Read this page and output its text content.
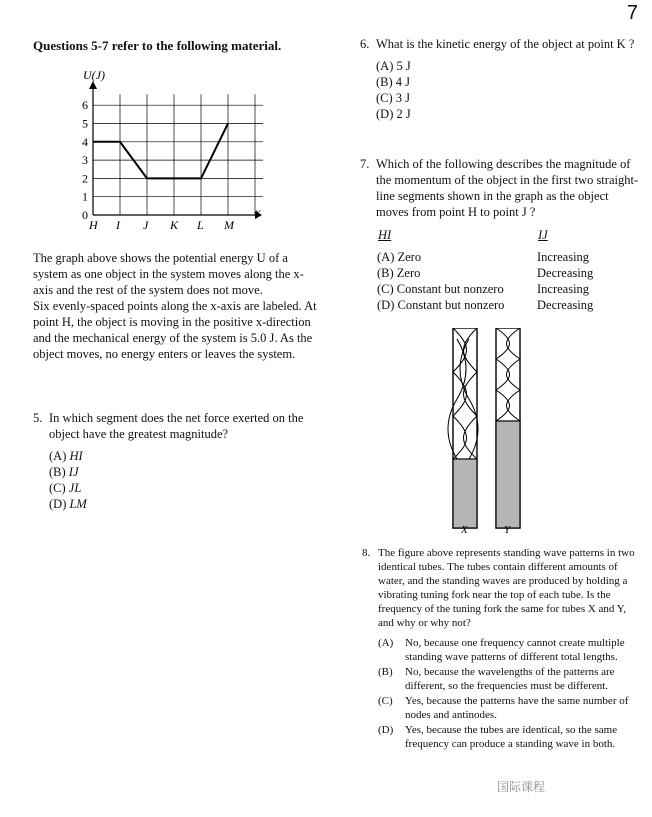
7
Questions 5-7 refer to the following material.
U(J)
x
0
1
2
3
4
5
6
H I J K L M

The graph above shows the potential energy U of a system as one object in the system moves along the x-axis and the rest of the system does not move.

Six evenly-spaced points along the x-axis are labeled. At point H, the object is moving in the positive x-direction and the mechanical energy of the system is 5.0 J. As the object moves, no energy enters or leaves the system.

5. In which segment does the net force exerted on the object have the greatest magnitude?
(A) HI
(B) IJ
(C) JL
(D) LM
6. What is the kinetic energy of the object at point K ?
(A) 5 J
(B) 4 J
(C) 3 J
(D) 2 J
7. Which of the following describes the magnitude of the momentum of the object in the first two straight-line segments shown in the graph as the object moves from point H to point J ?
HI	IJ
(A) Zero	Increasing
(B) Zero	Decreasing
(C) Constant but nonzero	Increasing
(D) Constant but nonzero	Decreasing
X	Y
8. The figure above represents standing wave patterns in two identical tubes. The tubes contain different amounts of water, and the standing waves are produced by holding a vibrating tuning fork near the top of each tube. Is the frequency of the tuning fork the same for tubes X and Y, and why or why not?
(A)	No, because one frequency cannot create multiple standing wave patterns of different total lengths.
(B)	No, because the wavelengths of the patterns are different, so the frequencies must be different.
(C)	Yes, because the patterns have the same number of nodes and antinodes.
(D)	Yes, because the tubes are identical, so the same frequency can produce a standing wave in both.
国际课程
